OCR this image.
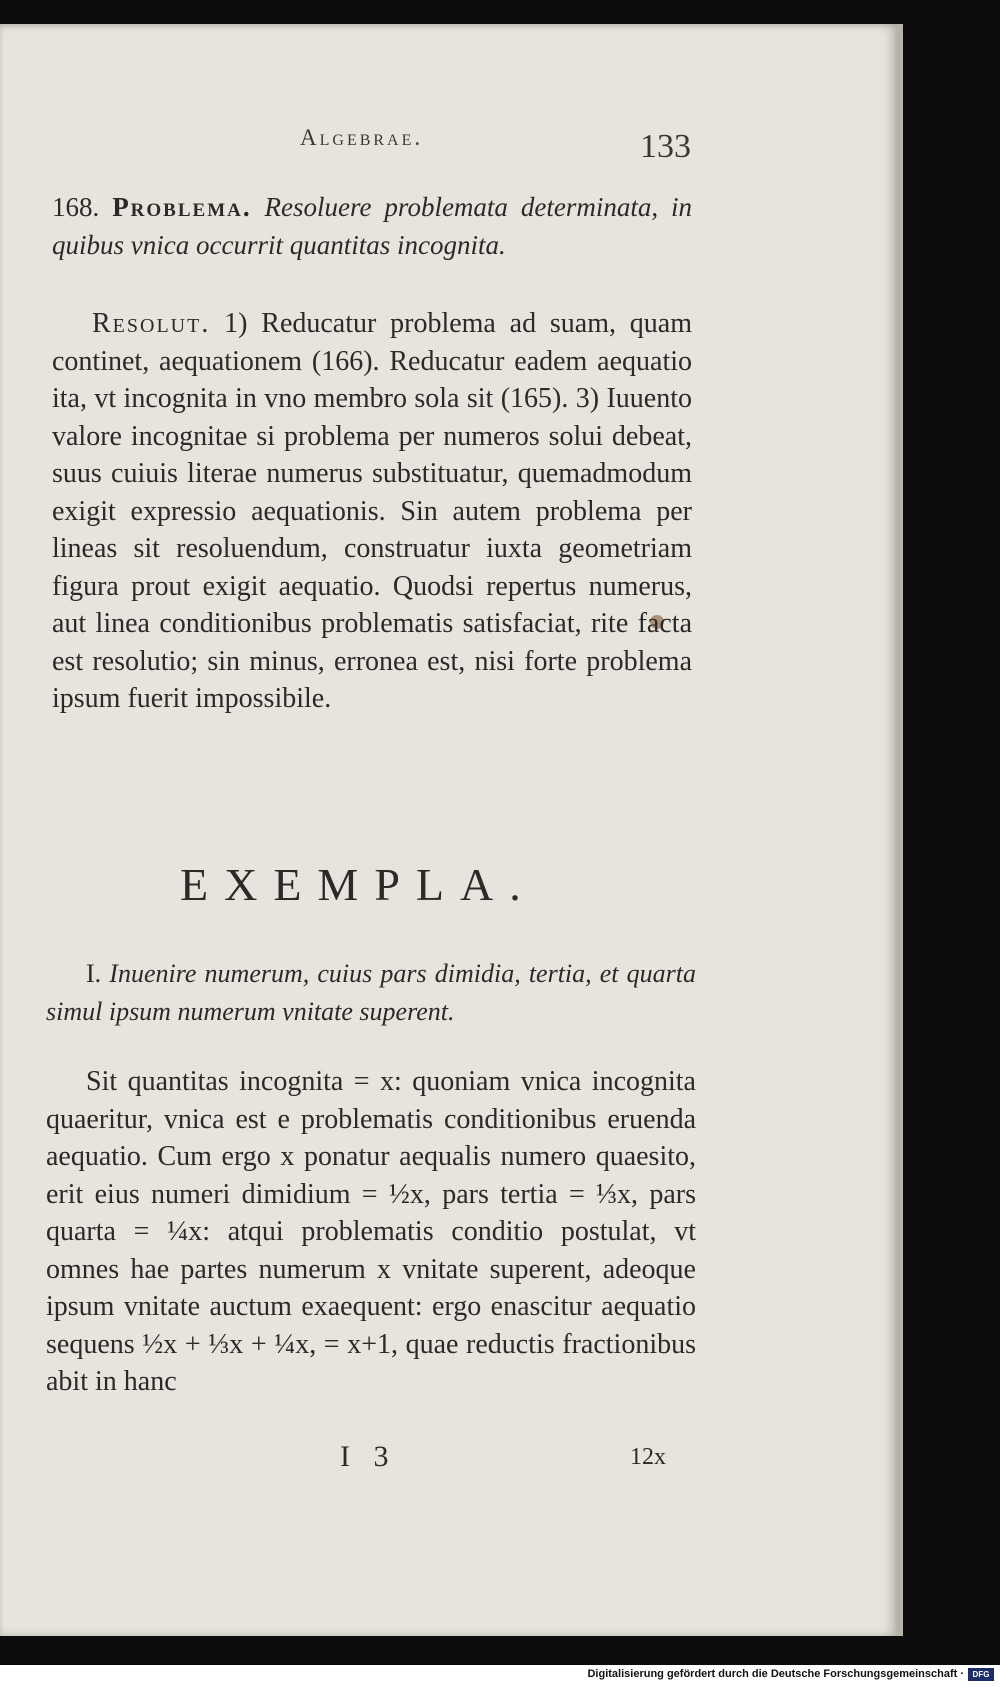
Algebrae.	133
168. Problema. Resoluere problemata determinata, in quibus vnica occurrit quantitas incognita.
Resolut. 1) Reducatur problema ad suam, quam continet, aequationem (166). Reducatur eadem aequatio ita, vt incognita in vno membro sola sit (165). 3) Iuuento valore incognitae si problema per numeros solui debeat, suus cuiuis literae numerus substituatur, quemadmodum exigit expressio aequationis. Sin autem problema per lineas sit resoluendum, construatur iuxta geometriam figura prout exigit aequatio. Quodsi repertus numerus, aut linea conditionibus problematis satisfaciat, rite facta est resolutio; sin minus, erronea est, nisi forte problema ipsum fuerit impossibile.
EXEMPLA.
I. Inuenire numerum, cuius pars dimidia, tertia, et quarta simul ipsum numerum vnitate superent.
Sit quantitas incognita = x: quoniam vnica incognita quaeritur, vnica est e problematis conditionibus eruenda aequatio. Cum ergo x ponatur aequalis numero quaesito, erit eius numeri dimidium = ½x, pars tertia = ⅓x, pars quarta = ¼x: atqui problematis conditio postulat, vt omnes hae partes numerum x vnitate superent, adeoque ipsum vnitate auctum exaequent: ergo enascitur aequatio sequens ½x + ⅓x + ¼x, = x+1, quae reductis fractionibus abit in hanc
I 3	12x
Digitalisierung gefördert durch die Deutsche Forschungsgemeinschaft ·	DFG
